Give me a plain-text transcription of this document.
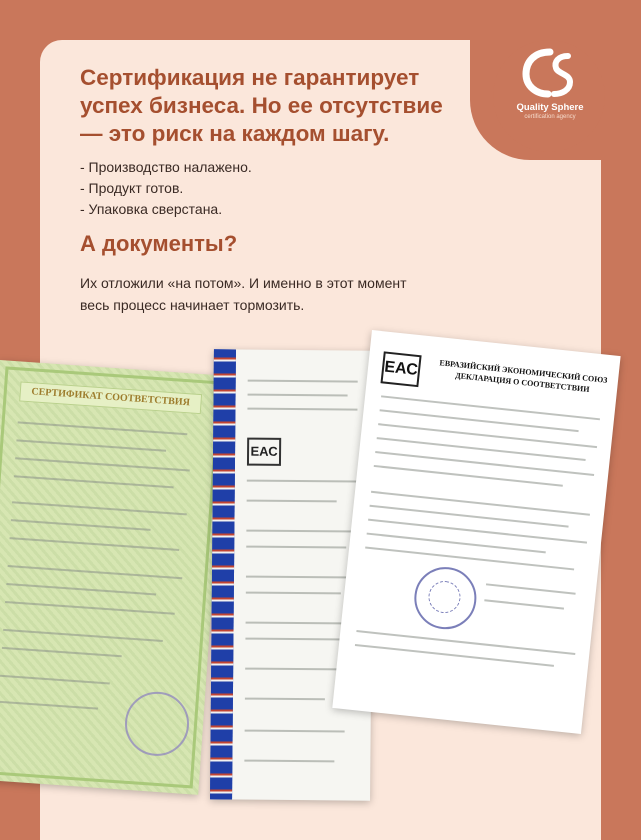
Quality Sphere
certification agency
Сертификация не гарантирует успех бизнеса. Но ее отсутствие — это риск на каждом шагу.
- Производство налажено.
- Продукт готов.
- Упаковка сверстана.
А документы?

Их отложили «на потом». И именно в этот момент
весь процесс начинает тормозить.

СЕРТИФИКАТ СООТВЕТСТВИЯ
ЕАС
ЕАС	ЕВРАЗИЙСКИЙ ЭКОНОМИЧЕСКИЙ СОЮЗ ДЕКЛАРАЦИЯ О СООТВЕТСТВИИ
